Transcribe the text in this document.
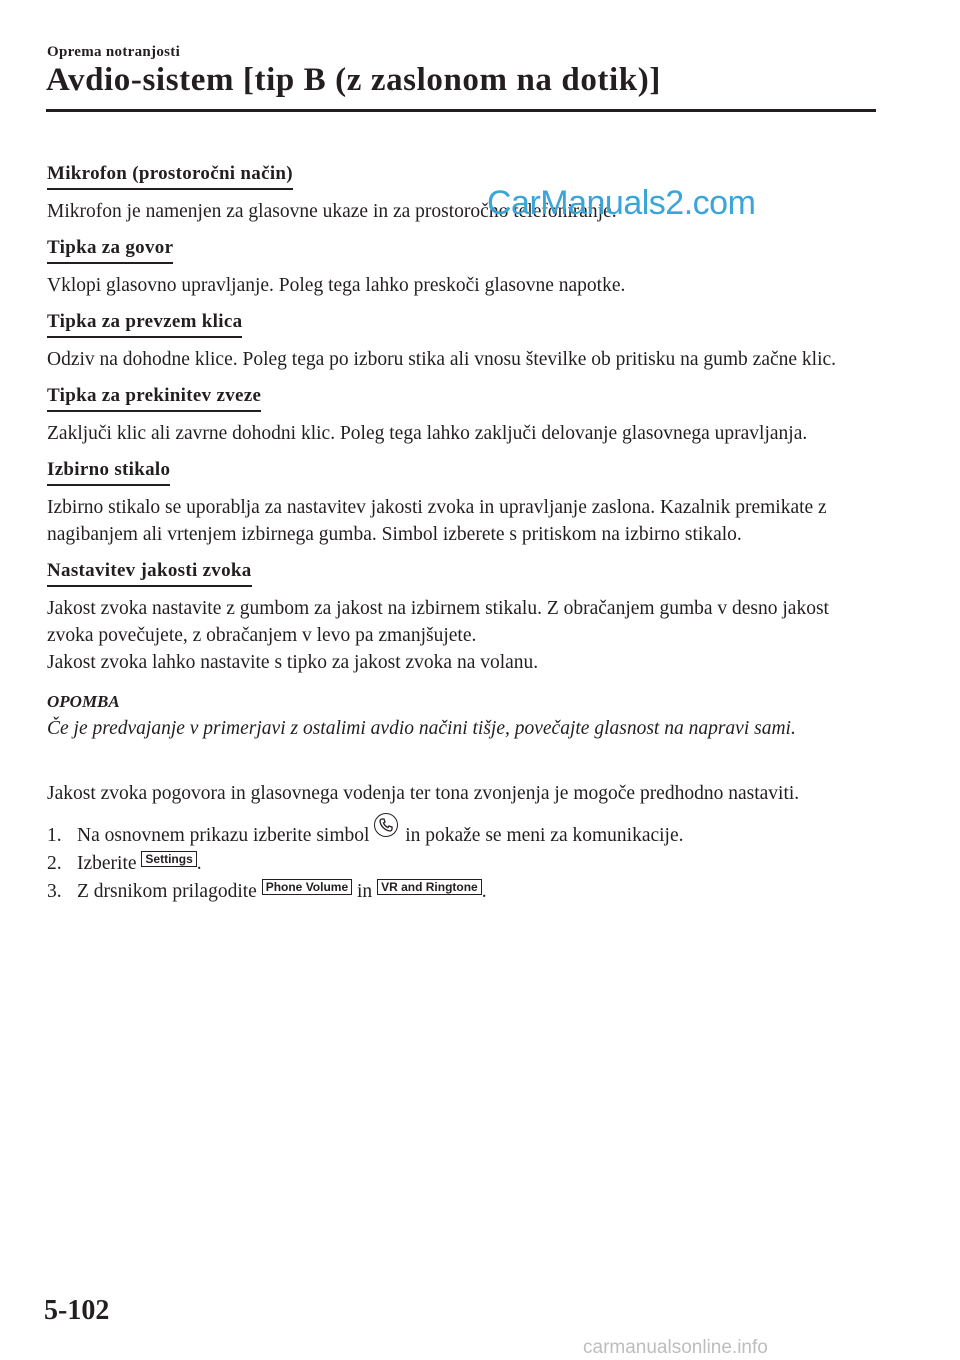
Oprema notranjosti
Avdio-sistem [tip B (z zaslonom na dotik)]
Mikrofon (prostoročni način)

Mikrofon je namenjen za glasovne ukaze in za prostoročno telefoniranje.

Tipka za govor

Vklopi glasovno upravljanje. Poleg tega lahko preskoči glasovne napotke.

Tipka za prevzem klica

Odziv na dohodne klice. Poleg tega po izboru stika ali vnosu številke ob pritisku na gumb začne klic.

Tipka za prekinitev zveze

Zaključi klic ali zavrne dohodni klic. Poleg tega lahko zaključi delovanje glasovnega upravljanja.

Izbirno stikalo

Izbirno stikalo se uporablja za nastavitev jakosti zvoka in upravljanje zaslona. Kazalnik premikate z nagibanjem ali vrtenjem izbirnega gumba. Simbol izberete s pritiskom na izbirno stikalo.

Nastavitev jakosti zvoka

Jakost zvoka nastavite z gumbom za jakost na izbirnem stikalu. Z obračanjem gumba v desno jakost zvoka povečujete, z obračanjem v levo pa zmanjšujete.

Jakost zvoka lahko nastavite s tipko za jakost zvoka na volanu.

OPOMBA

Če je predvajanje v primerjavi z ostalimi avdio načini tišje, povečajte glasnost na napravi sami.

Jakost zvoka pogovora in glasovnega vodenja ter tona zvonjenja je mogoče predhodno nastaviti.

1. Na osnovnem prikazu izberite simbol in pokaže se meni za komunikacije.
2. Izberite Settings .
3. Z drsnikom prilagodite Phone Volume in VR and Ringtone .
CarManuals2.com
5-102
carmanualsonline.info
